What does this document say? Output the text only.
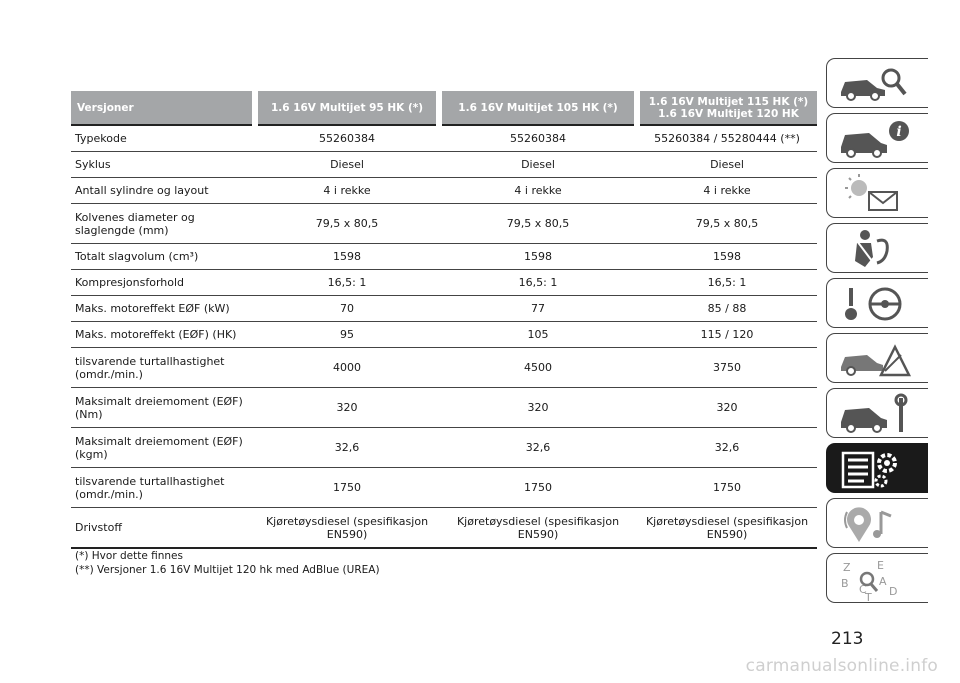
Versjoner	1.6 16V Multijet 95 HK (*)	1.6 16V Multijet 105 HK (*)	1.6 16V Multijet 115 HK (*) 1.6 16V Multijet 120 HK
Typekode	55260384	55260384	55260384 / 55280444 (**)
Syklus	Diesel	Diesel	Diesel
Antall sylindre og layout	4 i rekke	4 i rekke	4 i rekke
Kolvenes diameter og slaglengde (mm)	79,5 x 80,5	79,5 x 80,5	79,5 x 80,5
Totalt slagvolum (cm³)	1598	1598	1598
Kompresjonsforhold	16,5: 1	16,5: 1	16,5: 1
Maks. motoreffekt EØF (kW)	70	77	85 / 88
Maks. motoreffekt (EØF) (HK)	95	105	115 / 120
tilsvarende turtallhastighet (omdr./min.)	4000	4500	3750
Maksimalt dreiemoment (EØF) (Nm)	320	320	320
Maksimalt dreiemoment (EØF) (kgm)	32,6	32,6	32,6
tilsvarende turtallhastighet (omdr./min.)	1750	1750	1750
Drivstoff	Kjøretøysdiesel (spesifikasjon EN590)	Kjøretøysdiesel (spesifikasjon EN590)	Kjøretøysdiesel (spesifikasjon EN590)
(*) Hvor dette finnes
(**) Versjoner 1.6 16V Multijet 120 hk med AdBlue (UREA)
i
Z E
B	A
C
T D
213
carmanualsonline.info
